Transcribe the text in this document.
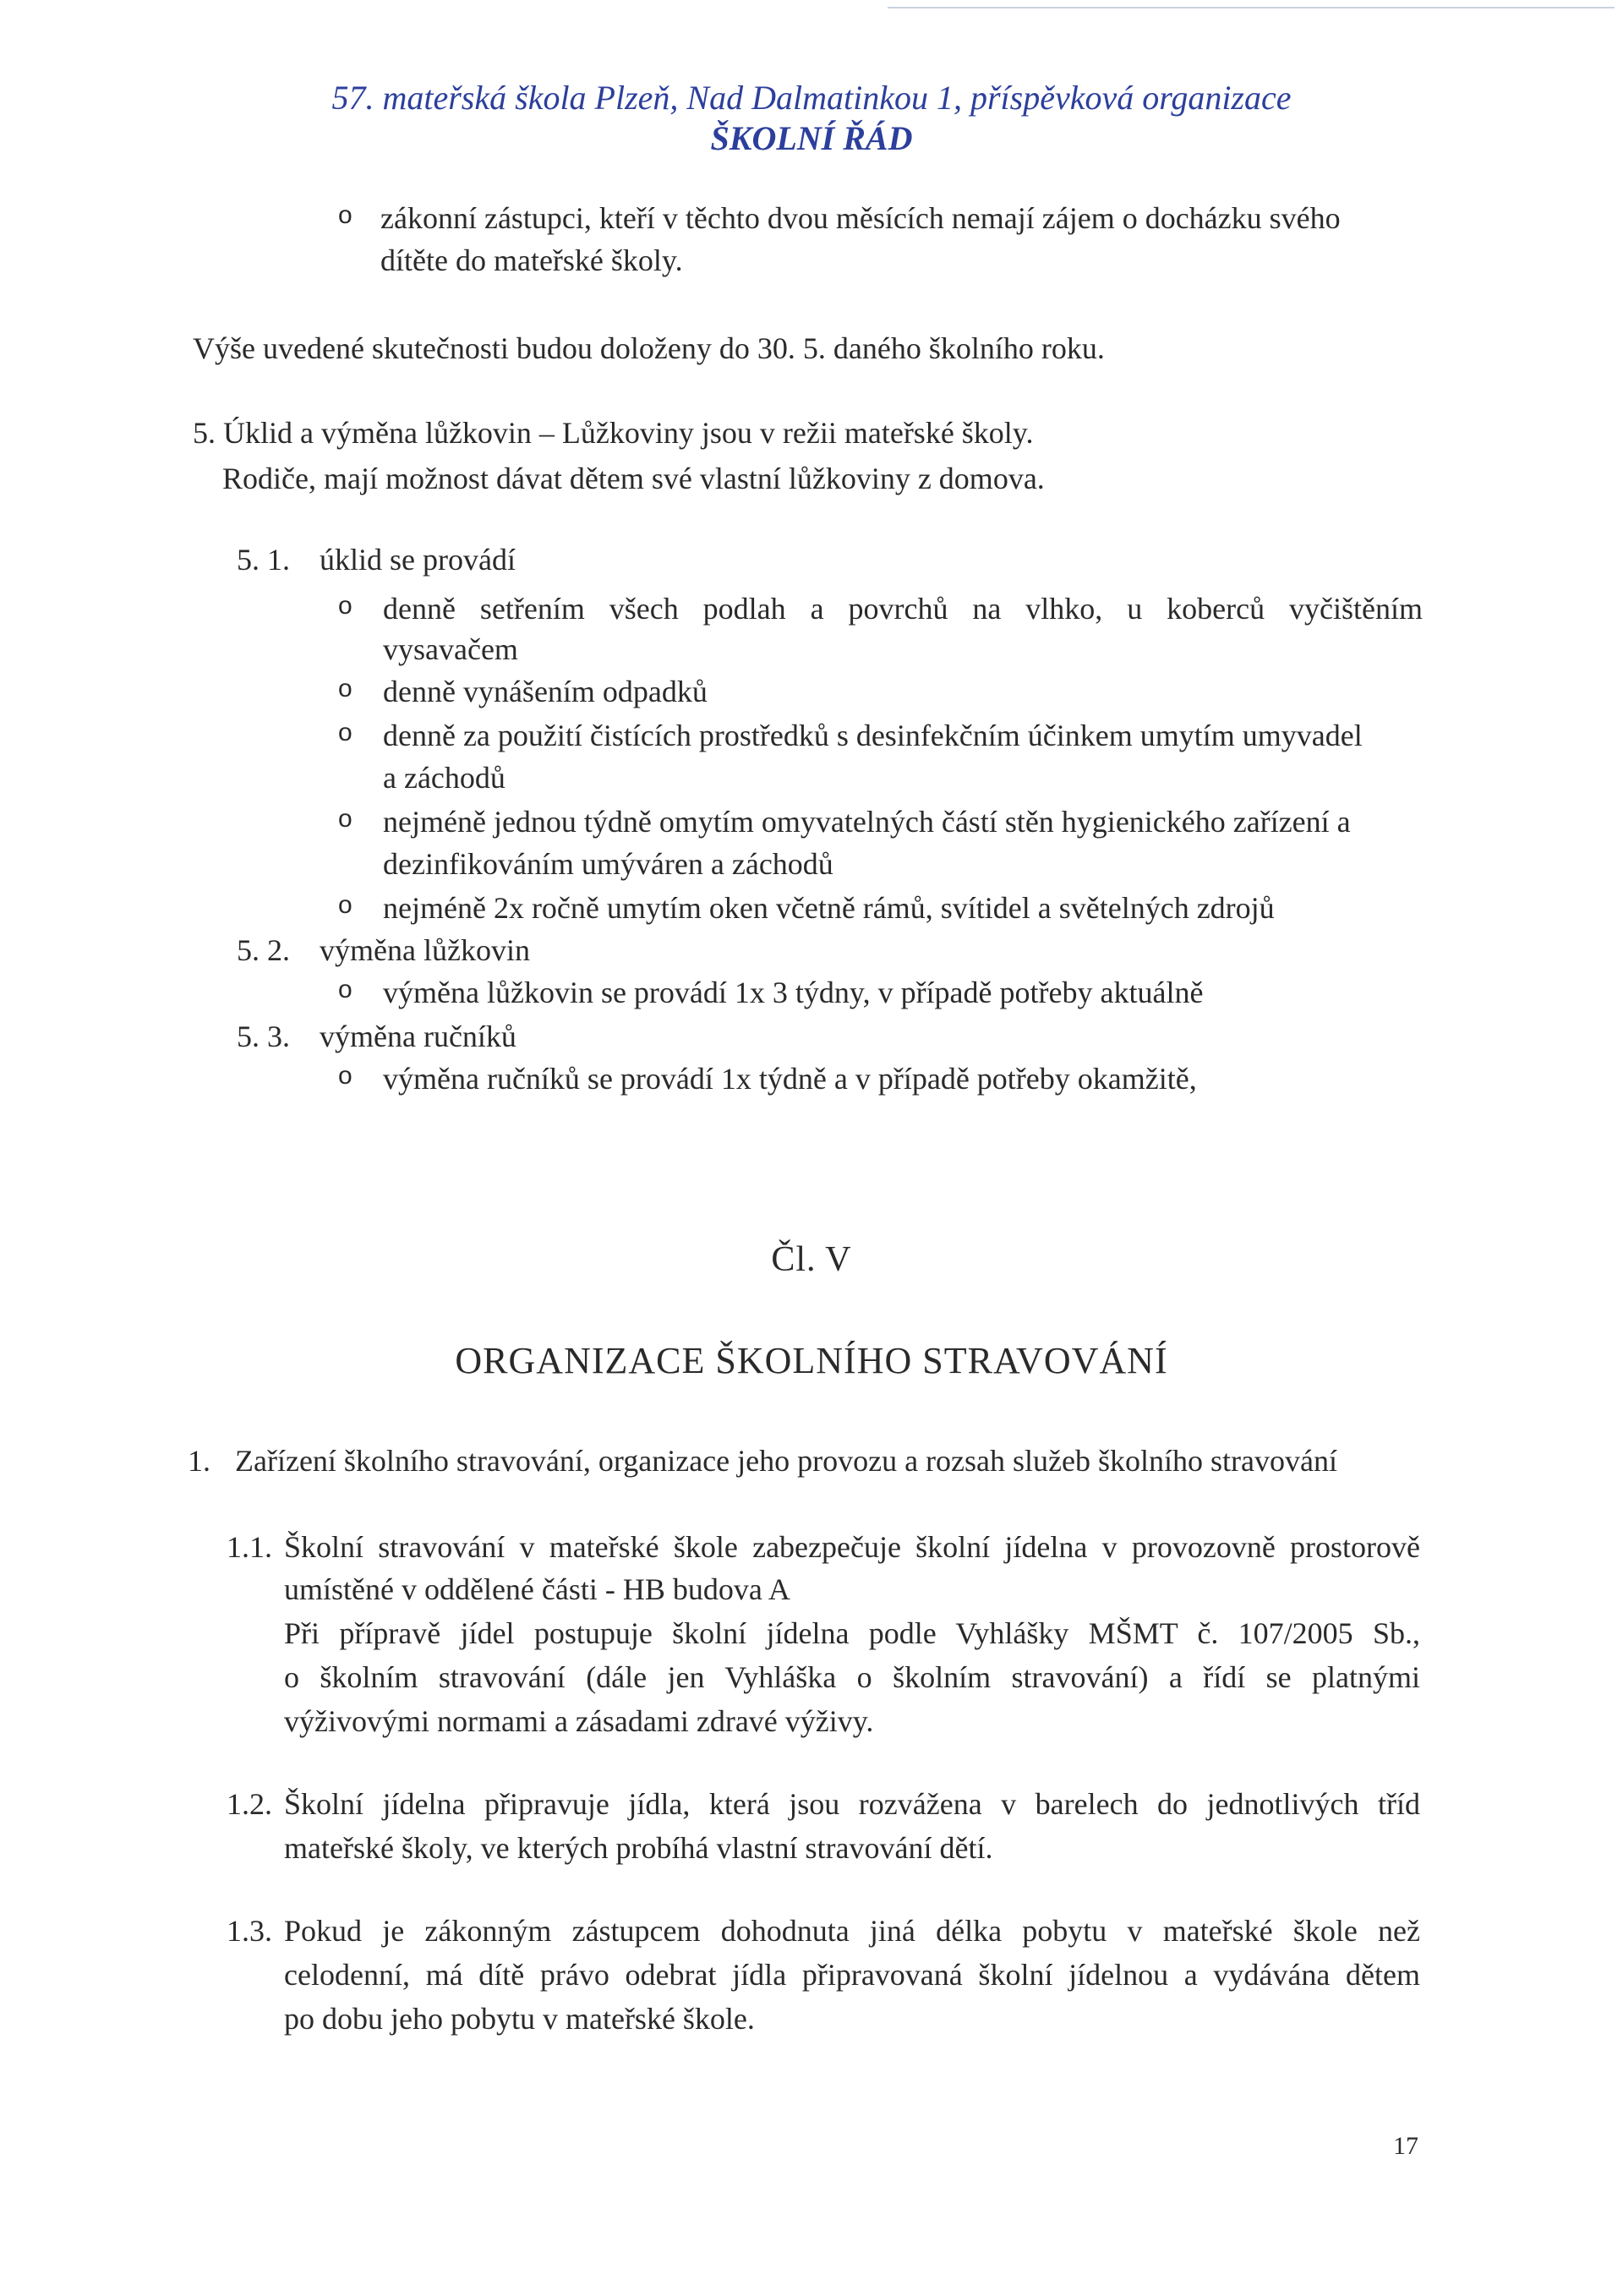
57. mateřská škola Plzeň, Nad Dalmatinkou 1, příspěvková organizace
ŠKOLNÍ ŘÁD
o zákonní zástupci, kteří v těchto dvou měsících nemají zájem o docházku svého
dítěte do mateřské školy.
Výše uvedené skutečnosti budou doloženy do 30. 5. daného školního roku.
5. Úklid a výměna lůžkovin – Lůžkoviny jsou v režii mateřské školy.
Rodiče, mají možnost dávat dětem své vlastní lůžkoviny z domova.
5. 1. úklid se provádí
o denně setřením všech podlah a povrchů na vlhko, u koberců vyčištěním
vysavačem
o denně vynášením odpadků
o denně za použití čistících prostředků s desinfekčním účinkem umytím umyvadel
a záchodů
o nejméně jednou týdně omytím omyvatelných částí stěn hygienického zařízení a
dezinfikováním umýváren a záchodů
o nejméně 2x ročně umytím oken včetně rámů, svítidel a světelných zdrojů
5. 2. výměna lůžkovin
o výměna lůžkovin se provádí 1x 3 týdny, v případě potřeby aktuálně
5. 3. výměna ručníků
o výměna ručníků se provádí 1x týdně a v případě potřeby okamžitě,
Čl. V
ORGANIZACE ŠKOLNÍHO STRAVOVÁNÍ
1. Zařízení školního stravování, organizace jeho provozu a rozsah služeb školního stravování
1.1. Školní stravování v mateřské škole zabezpečuje školní jídelna v provozovně prostorově
umístěné v oddělené části - HB budova A
Při přípravě jídel postupuje školní jídelna podle Vyhlášky MŠMT č. 107/2005 Sb.,
o školním stravování (dále jen Vyhláška o školním stravování) a řídí se platnými
výživovými normami a zásadami zdravé výživy.
1.2. Školní jídelna připravuje jídla, která jsou rozvážena v barelech do jednotlivých tříd
mateřské školy, ve kterých probíhá vlastní stravování dětí.
1.3. Pokud je zákonným zástupcem dohodnuta jiná délka pobytu v mateřské škole než
celodenní, má dítě právo odebrat jídla připravovaná školní jídelnou a vydávána dětem
po dobu jeho pobytu v mateřské škole.
17
